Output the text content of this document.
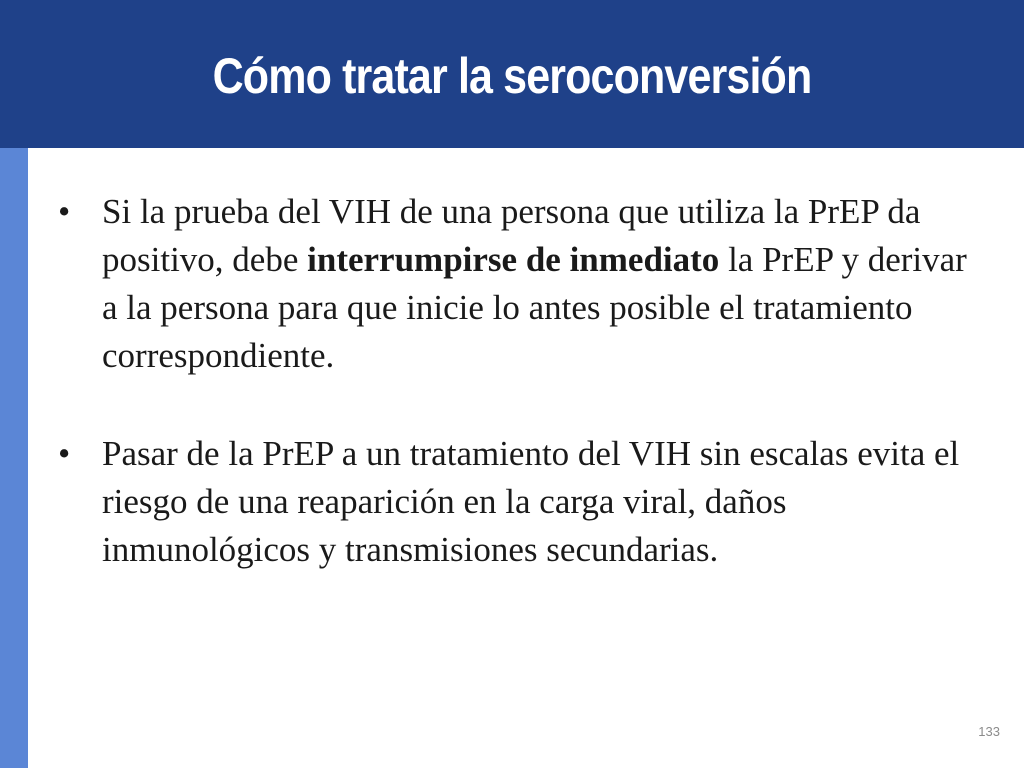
Cómo tratar la seroconversión

• Si la prueba del VIH de una persona que utiliza la PrEP da positivo, debe interrumpirse de inmediato la PrEP y derivar a la persona para que inicie lo antes posible el tratamiento correspondiente.

• Pasar de la PrEP a un tratamiento del VIH sin escalas evita el riesgo de una reaparición en la carga viral, daños inmunológicos y transmisiones secundarias.

133
